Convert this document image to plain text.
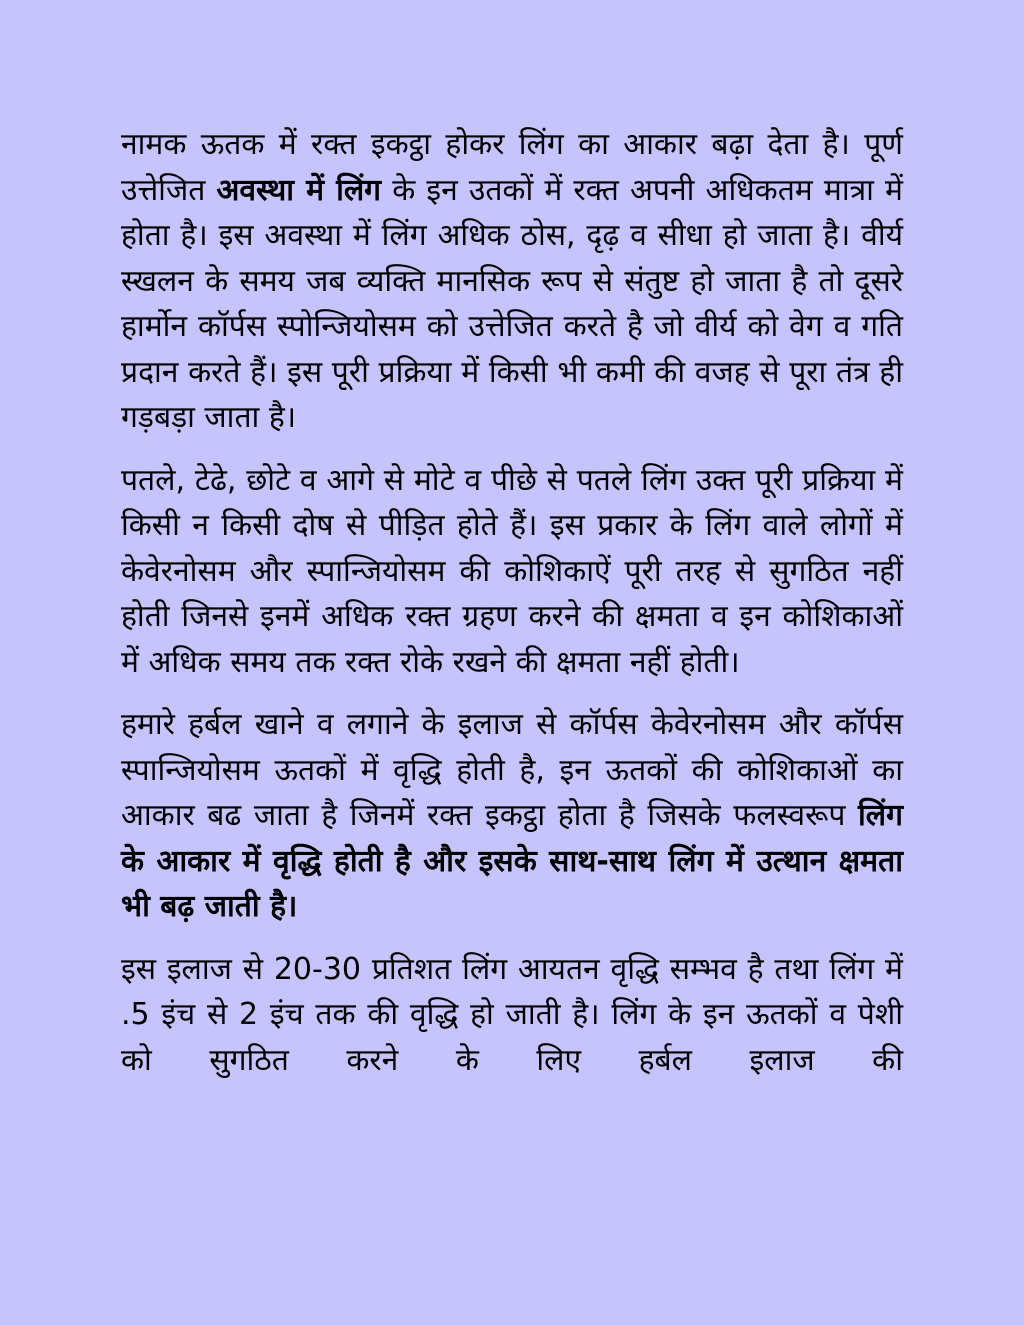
नामक ऊतक में रक्त इकट्ठा होकर लिंग का आकार बढ़ा देता है। पूर्ण उत्तेजित अवस्था में लिंग के इन उतकों में रक्त अपनी अधिकतम मात्रा में होता है। इस अवस्था में लिंग अधिक ठोस, दृढ़ व सीधा हो जाता है। वीर्य स्खलन के समय जब व्यक्ति मानसिक रूप से संतुष्ट हो जाता है तो दूसरे हार्मोन कॉर्पस स्पोन्जियोसम को उत्तेजित करते है जो वीर्य को वेग व गति प्रदान करते हैं। इस पूरी प्रक्रिया में किसी भी कमी की वजह से पूरा तंत्र ही गड़बड़ा जाता है।

पतले, टेढे, छोटे व आगे से मोटे व पीछे से पतले लिंग उक्त पूरी प्रक्रिया में किसी न किसी दोष से पीड़ित होते हैं। इस प्रकार के लिंग वाले लोगों में केवेरनोसम और स्पान्जियोसम की कोशिकाऐं पूरी तरह से सुगठित नहीं होती जिनसे इनमें अधिक रक्त ग्रहण करने की क्षमता व इन कोशिकाओं में अधिक समय तक रक्त रोके रखने की क्षमता नहीं होती।

हमारे हर्बल खाने व लगाने के इलाज से कॉर्पस केवेरनोसम और कॉर्पस स्पान्जियोसम ऊतकों में वृद्धि होती है, इन ऊतकों की कोशिकाओं का आकार बढ जाता है जिनमें रक्त इकट्ठा होता है जिसके फलस्वरूप लिंग के आकार में वृद्धि होती है और इसके साथ-साथ लिंग में उत्थान क्षमता भी बढ़ जाती है।

इस इलाज से 20-30 प्रतिशत लिंग आयतन वृद्धि सम्भव है तथा लिंग में .5 इंच से 2 इंच तक की वृद्धि हो जाती है। लिंग के इन ऊतकों व पेशी को सुगठित करने के लिए हर्बल इलाज की
